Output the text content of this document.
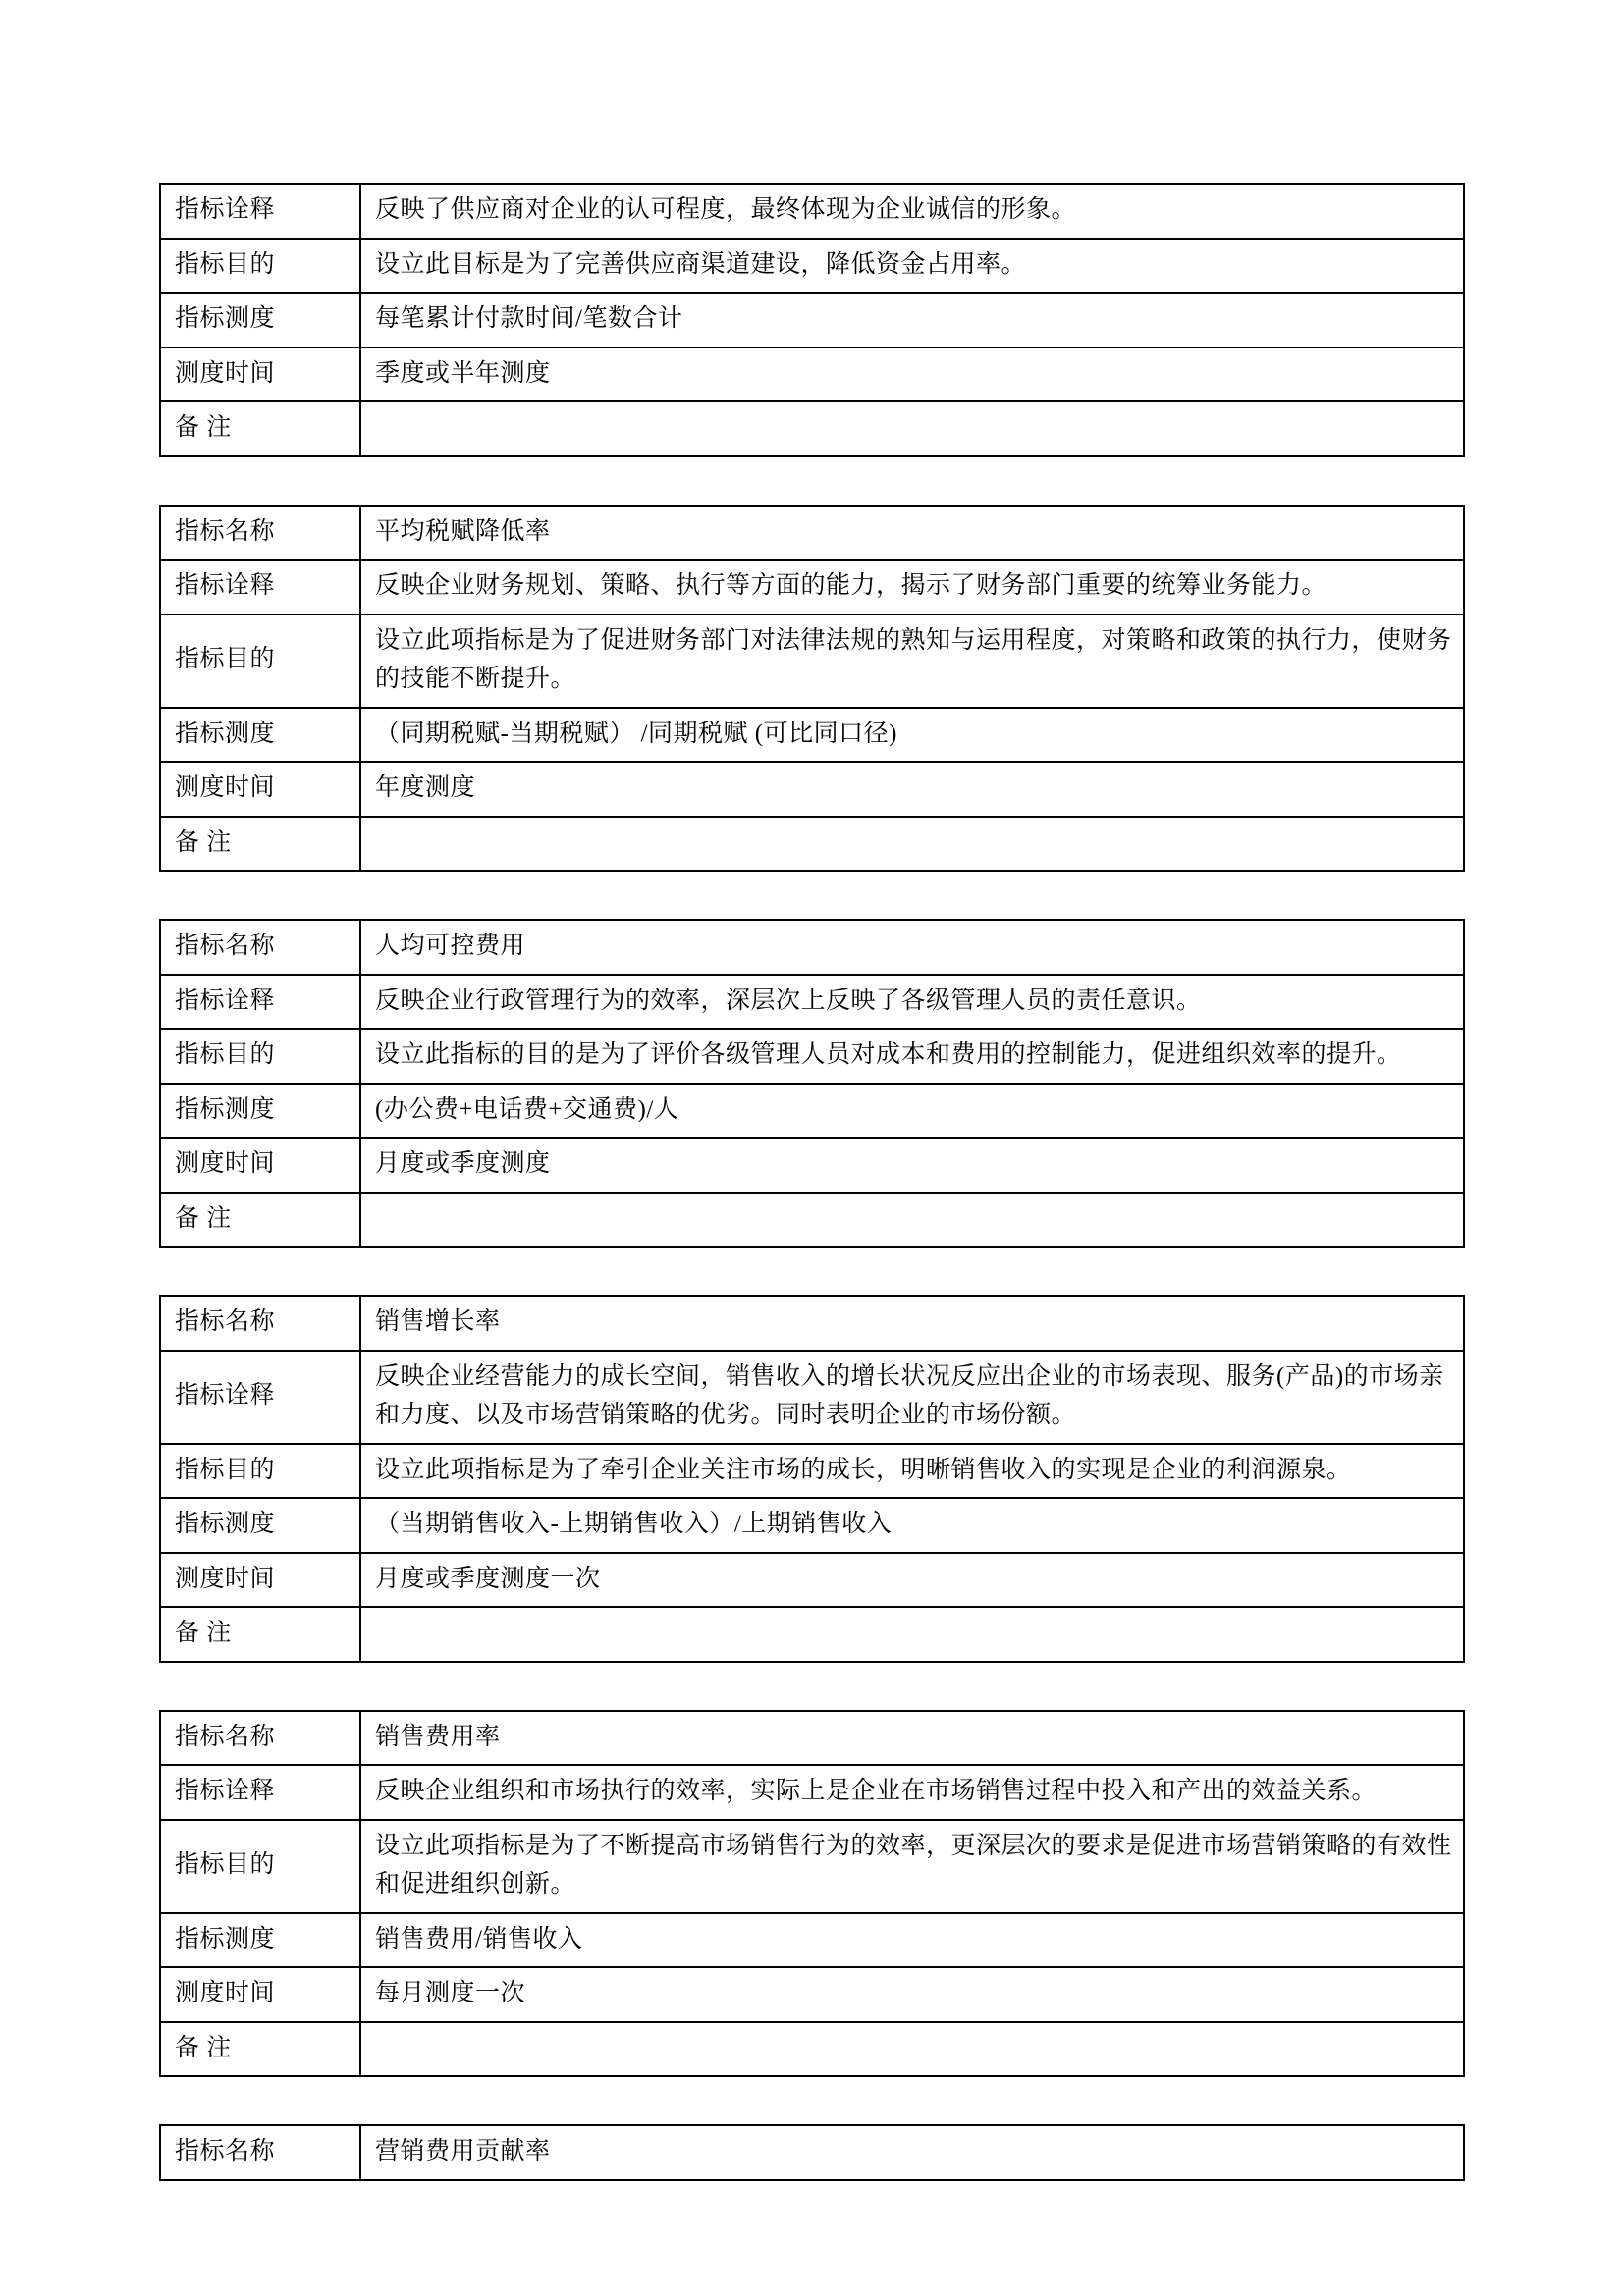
指标诠释	反映了供应商对企业的认可程度，最终体现为企业诚信的形象。
指标目的	设立此目标是为了完善供应商渠道建设，降低资金占用率。
指标测度	每笔累计付款时间/笔数合计
测度时间	季度或半年测度
备 注	
指标名称	平均税赋降低率
指标诠释	反映企业财务规划、策略、执行等方面的能力，揭示了财务部门重要的统筹业务能力。
指标目的	设立此项指标是为了促进财务部门对法律法规的熟知与运用程度，对策略和政策的执行力，使财务的技能不断提升。
指标测度	（同期税赋-当期税赋） /同期税赋 (可比同口径)
测度时间	年度测度
备 注	
指标名称	人均可控费用
指标诠释	反映企业行政管理行为的效率，深层次上反映了各级管理人员的责任意识。
指标目的	设立此指标的目的是为了评价各级管理人员对成本和费用的控制能力，促进组织效率的提升。
指标测度	(办公费+电话费+交通费)/人
测度时间	月度或季度测度
备 注	
指标名称	销售增长率
指标诠释	反映企业经营能力的成长空间，销售收入的增长状况反应出企业的市场表现、服务(产品)的市场亲和力度、以及市场营销策略的优劣。同时表明企业的市场份额。
指标目的	设立此项指标是为了牵引企业关注市场的成长，明晰销售收入的实现是企业的利润源泉。
指标测度	（当期销售收入-上期销售收入）/上期销售收入
测度时间	月度或季度测度一次
备 注	
指标名称	销售费用率
指标诠释	反映企业组织和市场执行的效率，实际上是企业在市场销售过程中投入和产出的效益关系。
指标目的	设立此项指标是为了不断提高市场销售行为的效率，更深层次的要求是促进市场营销策略的有效性和促进组织创新。
指标测度	销售费用/销售收入
测度时间	每月测度一次
备 注	
指标名称	营销费用贡献率
